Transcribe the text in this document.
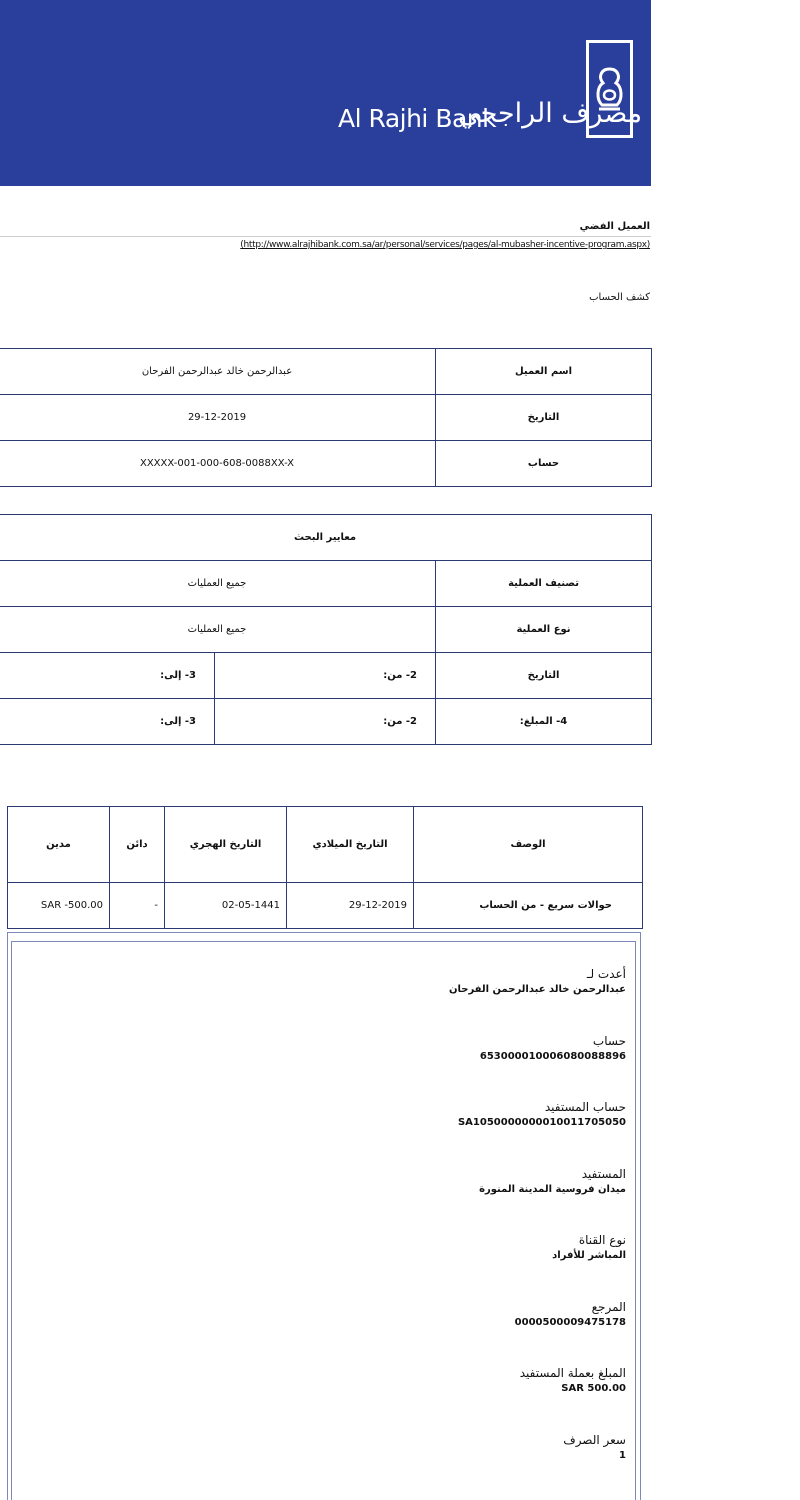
Al Rajhi Bank
مصرف الراجحي
العميل الفضي
(http://www.alrajhibank.com.sa/ar/personal/services/pages/al-mubasher-incentive-program.aspx)
كشف الحساب
عبدالرحمن خالد عبدالرحمن الفرحان	اسم العميل
29-12-2019	التاريخ
XXXXX-001-000-608-0088XX-X	حساب
معايير البحث		
جميع العمليات		تصنيف العملية
جميع العمليات		نوع العملية
3- إلى:	2- من:	التاريخ
3- إلى:	2- من:	4- المبلغ:
مدين	دائن	التاريخ الهجري	التاريخ الميلادي	الوصف
SAR -500.00	-	02-05-1441	29-12-2019	حوالات سريع - من الحساب
أعدت لـ
عبدالرحمن خالد عبدالرحمن الفرحان
حساب
653000010006080088896
حساب المستفيد
SA1050000000010011705050
المستفيد
ميدان فروسية المدينة المنورة
نوع القناة
المباشر للأفراد
المرجع
0000500009475178
المبلغ بعملة المستفيد
SAR 500.00
سعر الصرف
1
